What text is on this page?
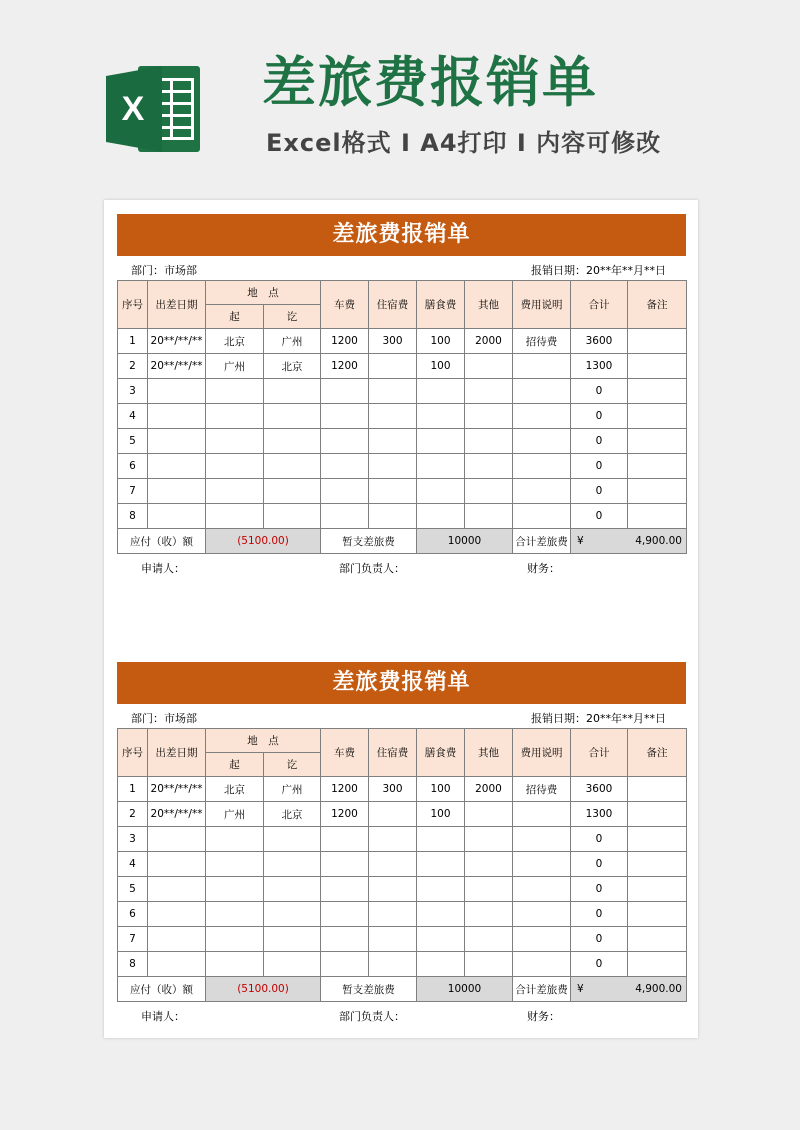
X 差旅费报销单
Excel格式 I A4打印 I 内容可修改
差旅费报销单
部门：市场部	报销日期：20**年**月**日
序号	出差日期	地　点		车费	住宿费	膳食费	其他	费用说明	合计	备注
		起	讫							
1	20**/**/**	北京	广州	1200	300	100	2000	招待费	3600	
2	20**/**/**	广州	北京	1200		100			1300	
3									0	
4									0	
5									0	
6									0	
7									0	
8									0	
应付（收）额		(5100.00)		暂支差旅费		10000		合计差旅费	¥ 4,900.00	
申请人：	部门负责人：	财务：
差旅费报销单
部门：市场部	报销日期：20**年**月**日
序号	出差日期	地　点		车费	住宿费	膳食费	其他	费用说明	合计	备注
		起	讫							
1	20**/**/**	北京	广州	1200	300	100	2000	招待费	3600	
2	20**/**/**	广州	北京	1200		100			1300	
3									0	
4									0	
5									0	
6									0	
7									0	
8									0	
应付（收）额		(5100.00)		暂支差旅费		10000		合计差旅费	¥ 4,900.00	
申请人：	部门负责人：	财务：
